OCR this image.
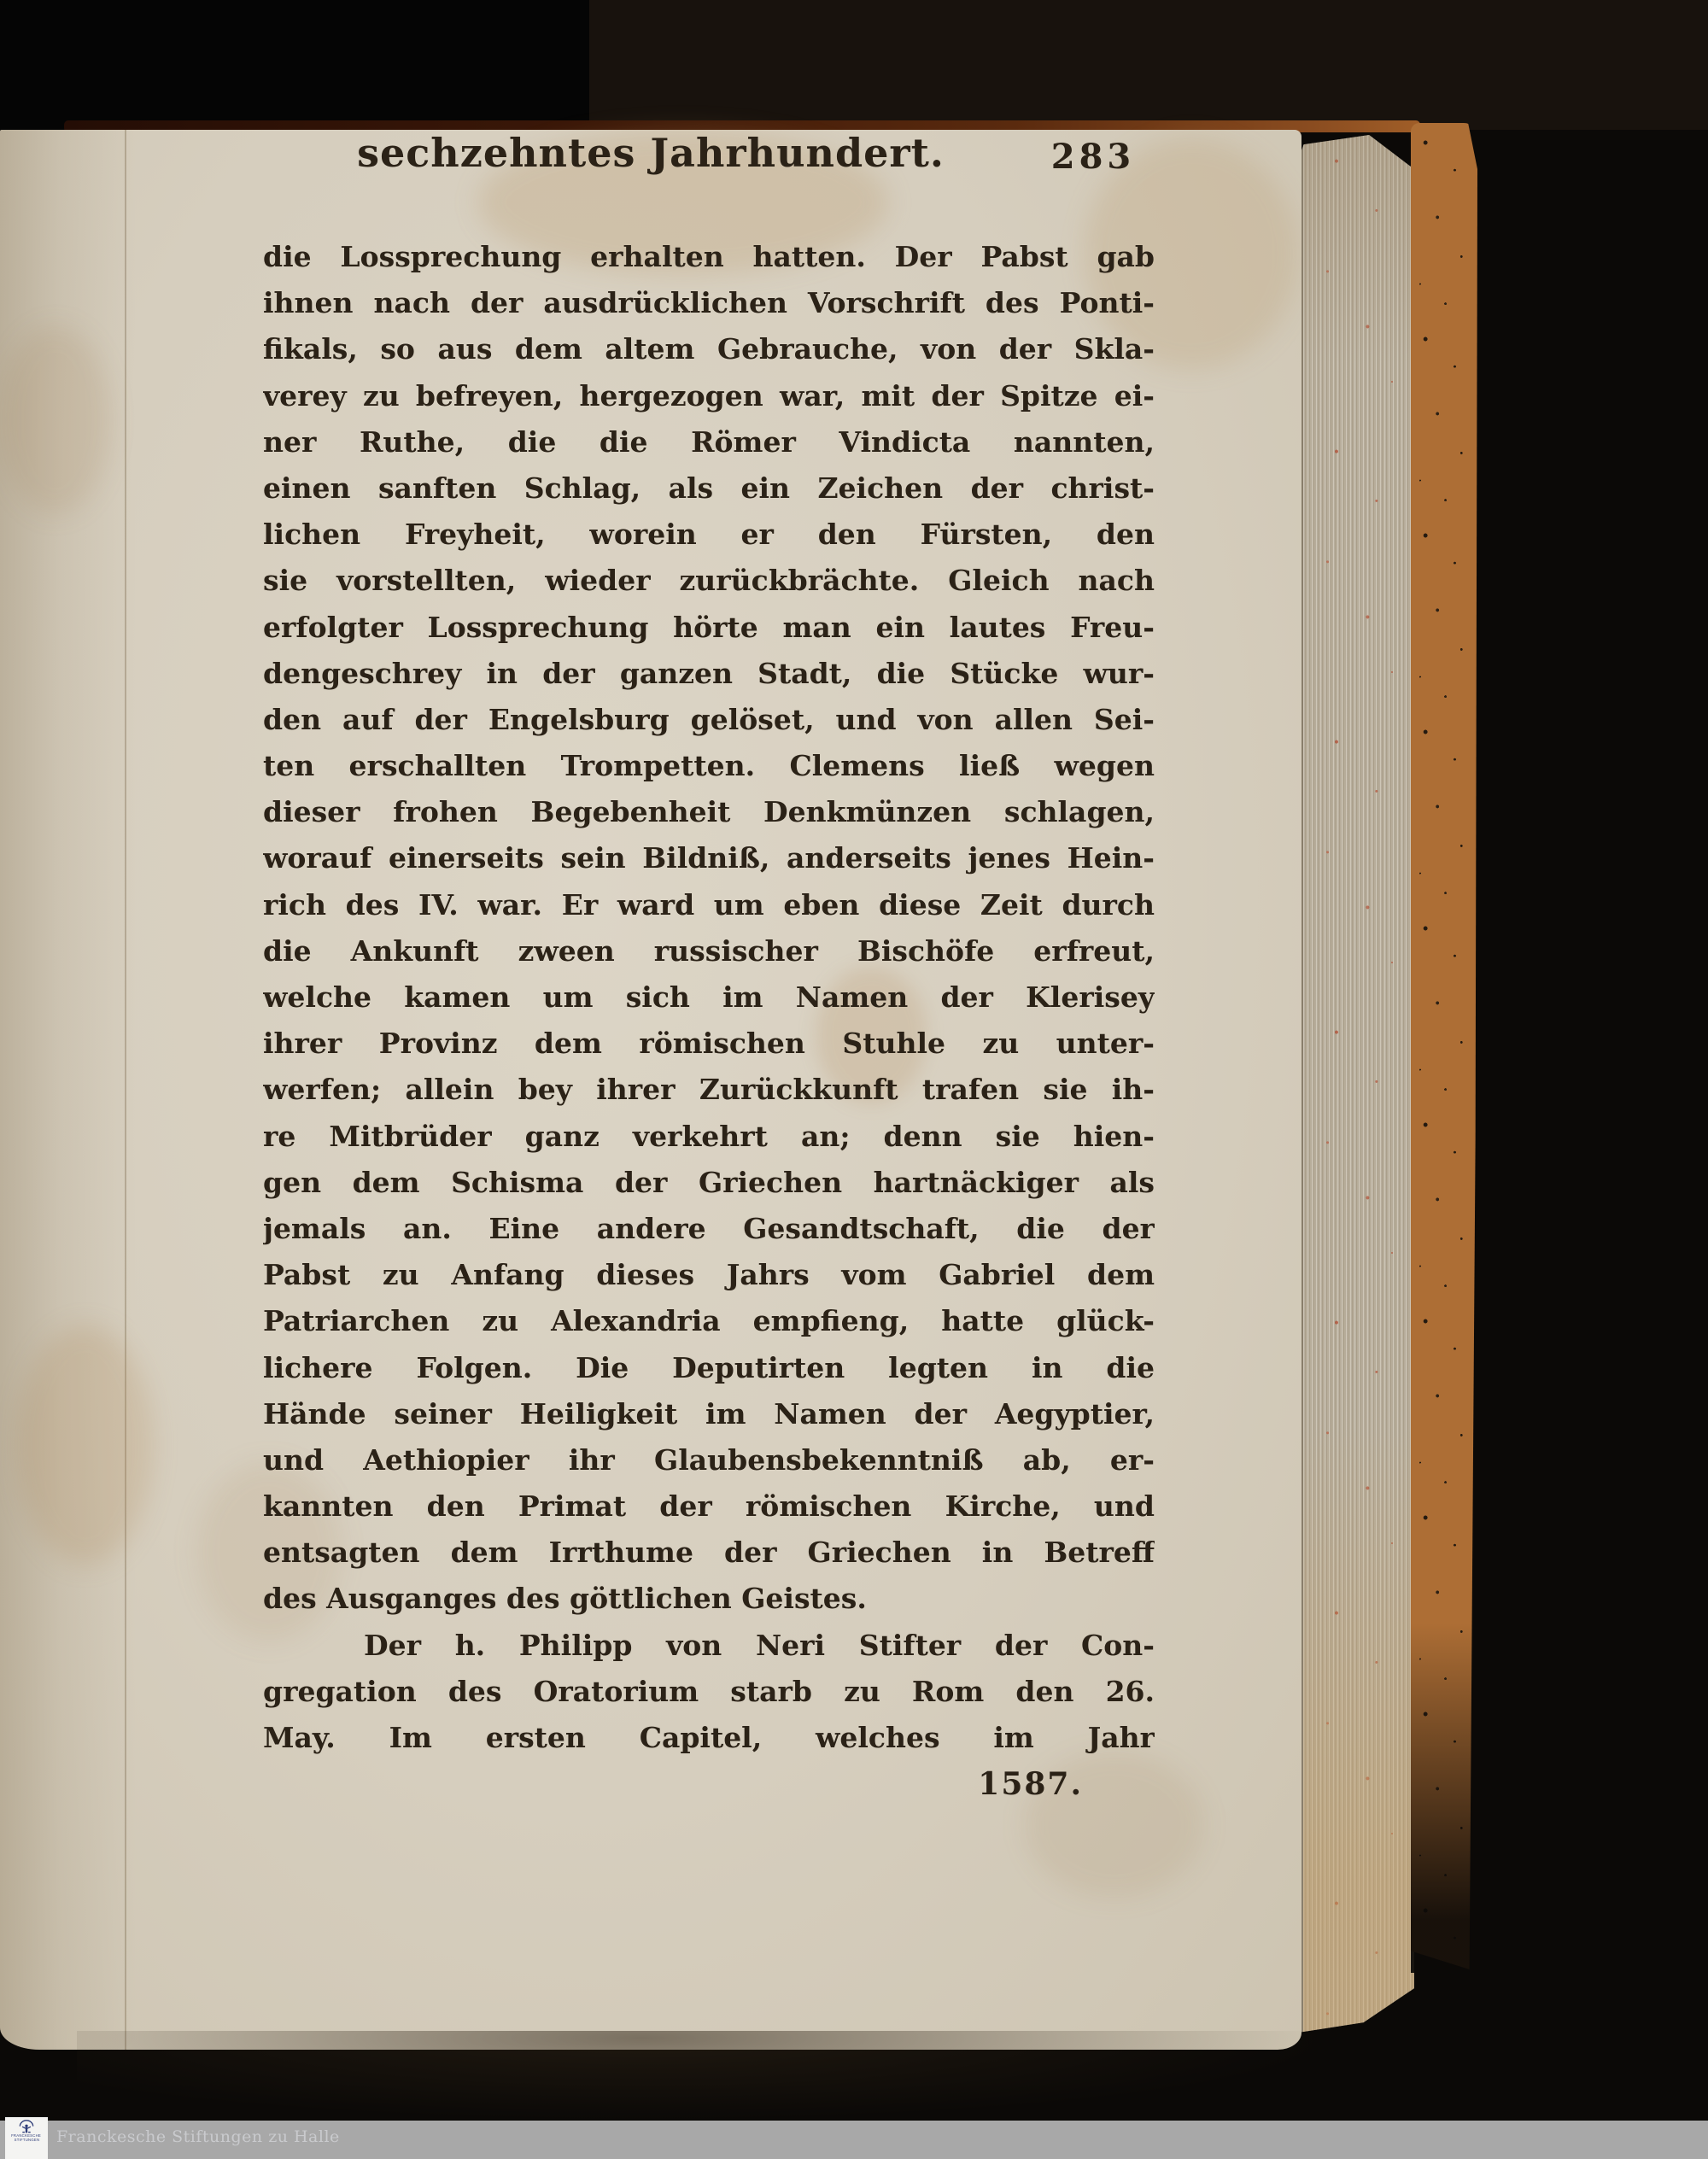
sechzehntes Jahrhundert.	283
die Lossprechung erhalten hatten. Der Pabst gab
ihnen nach der ausdrücklichen Vorschrift des Ponti-
fikals, so aus dem altem Gebrauche, von der Skla-
verey zu befreyen, hergezogen war, mit der Spitze ei-
ner Ruthe, die die Römer Vindicta nannten,
einen sanften Schlag, als ein Zeichen der christ-
lichen Freyheit, worein er den Fürsten, den
sie vorstellten, wieder zurückbrächte. Gleich nach
erfolgter Lossprechung hörte man ein lautes Freu-
dengeschrey in der ganzen Stadt, die Stücke wur-
den auf der Engelsburg gelöset, und von allen Sei-
ten erschallten Trompetten. Clemens ließ wegen
dieser frohen Begebenheit Denkmünzen schlagen,
worauf einerseits sein Bildniß, anderseits jenes Hein-
rich des IV. war. Er ward um eben diese Zeit durch
die Ankunft zween russischer Bischöfe erfreut,
welche kamen um sich im Namen der Klerisey
ihrer Provinz dem römischen Stuhle zu unter-
werfen; allein bey ihrer Zurückkunft trafen sie ih-
re Mitbrüder ganz verkehrt an; denn sie hien-
gen dem Schisma der Griechen hartnäckiger als
jemals an. Eine andere Gesandtschaft, die der
Pabst zu Anfang dieses Jahrs vom Gabriel dem
Patriarchen zu Alexandria empfieng, hatte glück-
lichere Folgen. Die Deputirten legten in die
Hände seiner Heiligkeit im Namen der Aegyptier,
und Aethiopier ihr Glaubensbekenntniß ab, er-
kannten den Primat der römischen Kirche, und
entsagten dem Irrthume der Griechen in Betreff
des Ausganges des göttlichen Geistes.
Der h. Philipp von Neri Stifter der Con-
gregation des Oratorium starb zu Rom den 26.
May. Im ersten Capitel, welches im Jahr
1587.
FRANCKESCHE
STIFTUNGEN Franckesche Stiftungen zu Halle
